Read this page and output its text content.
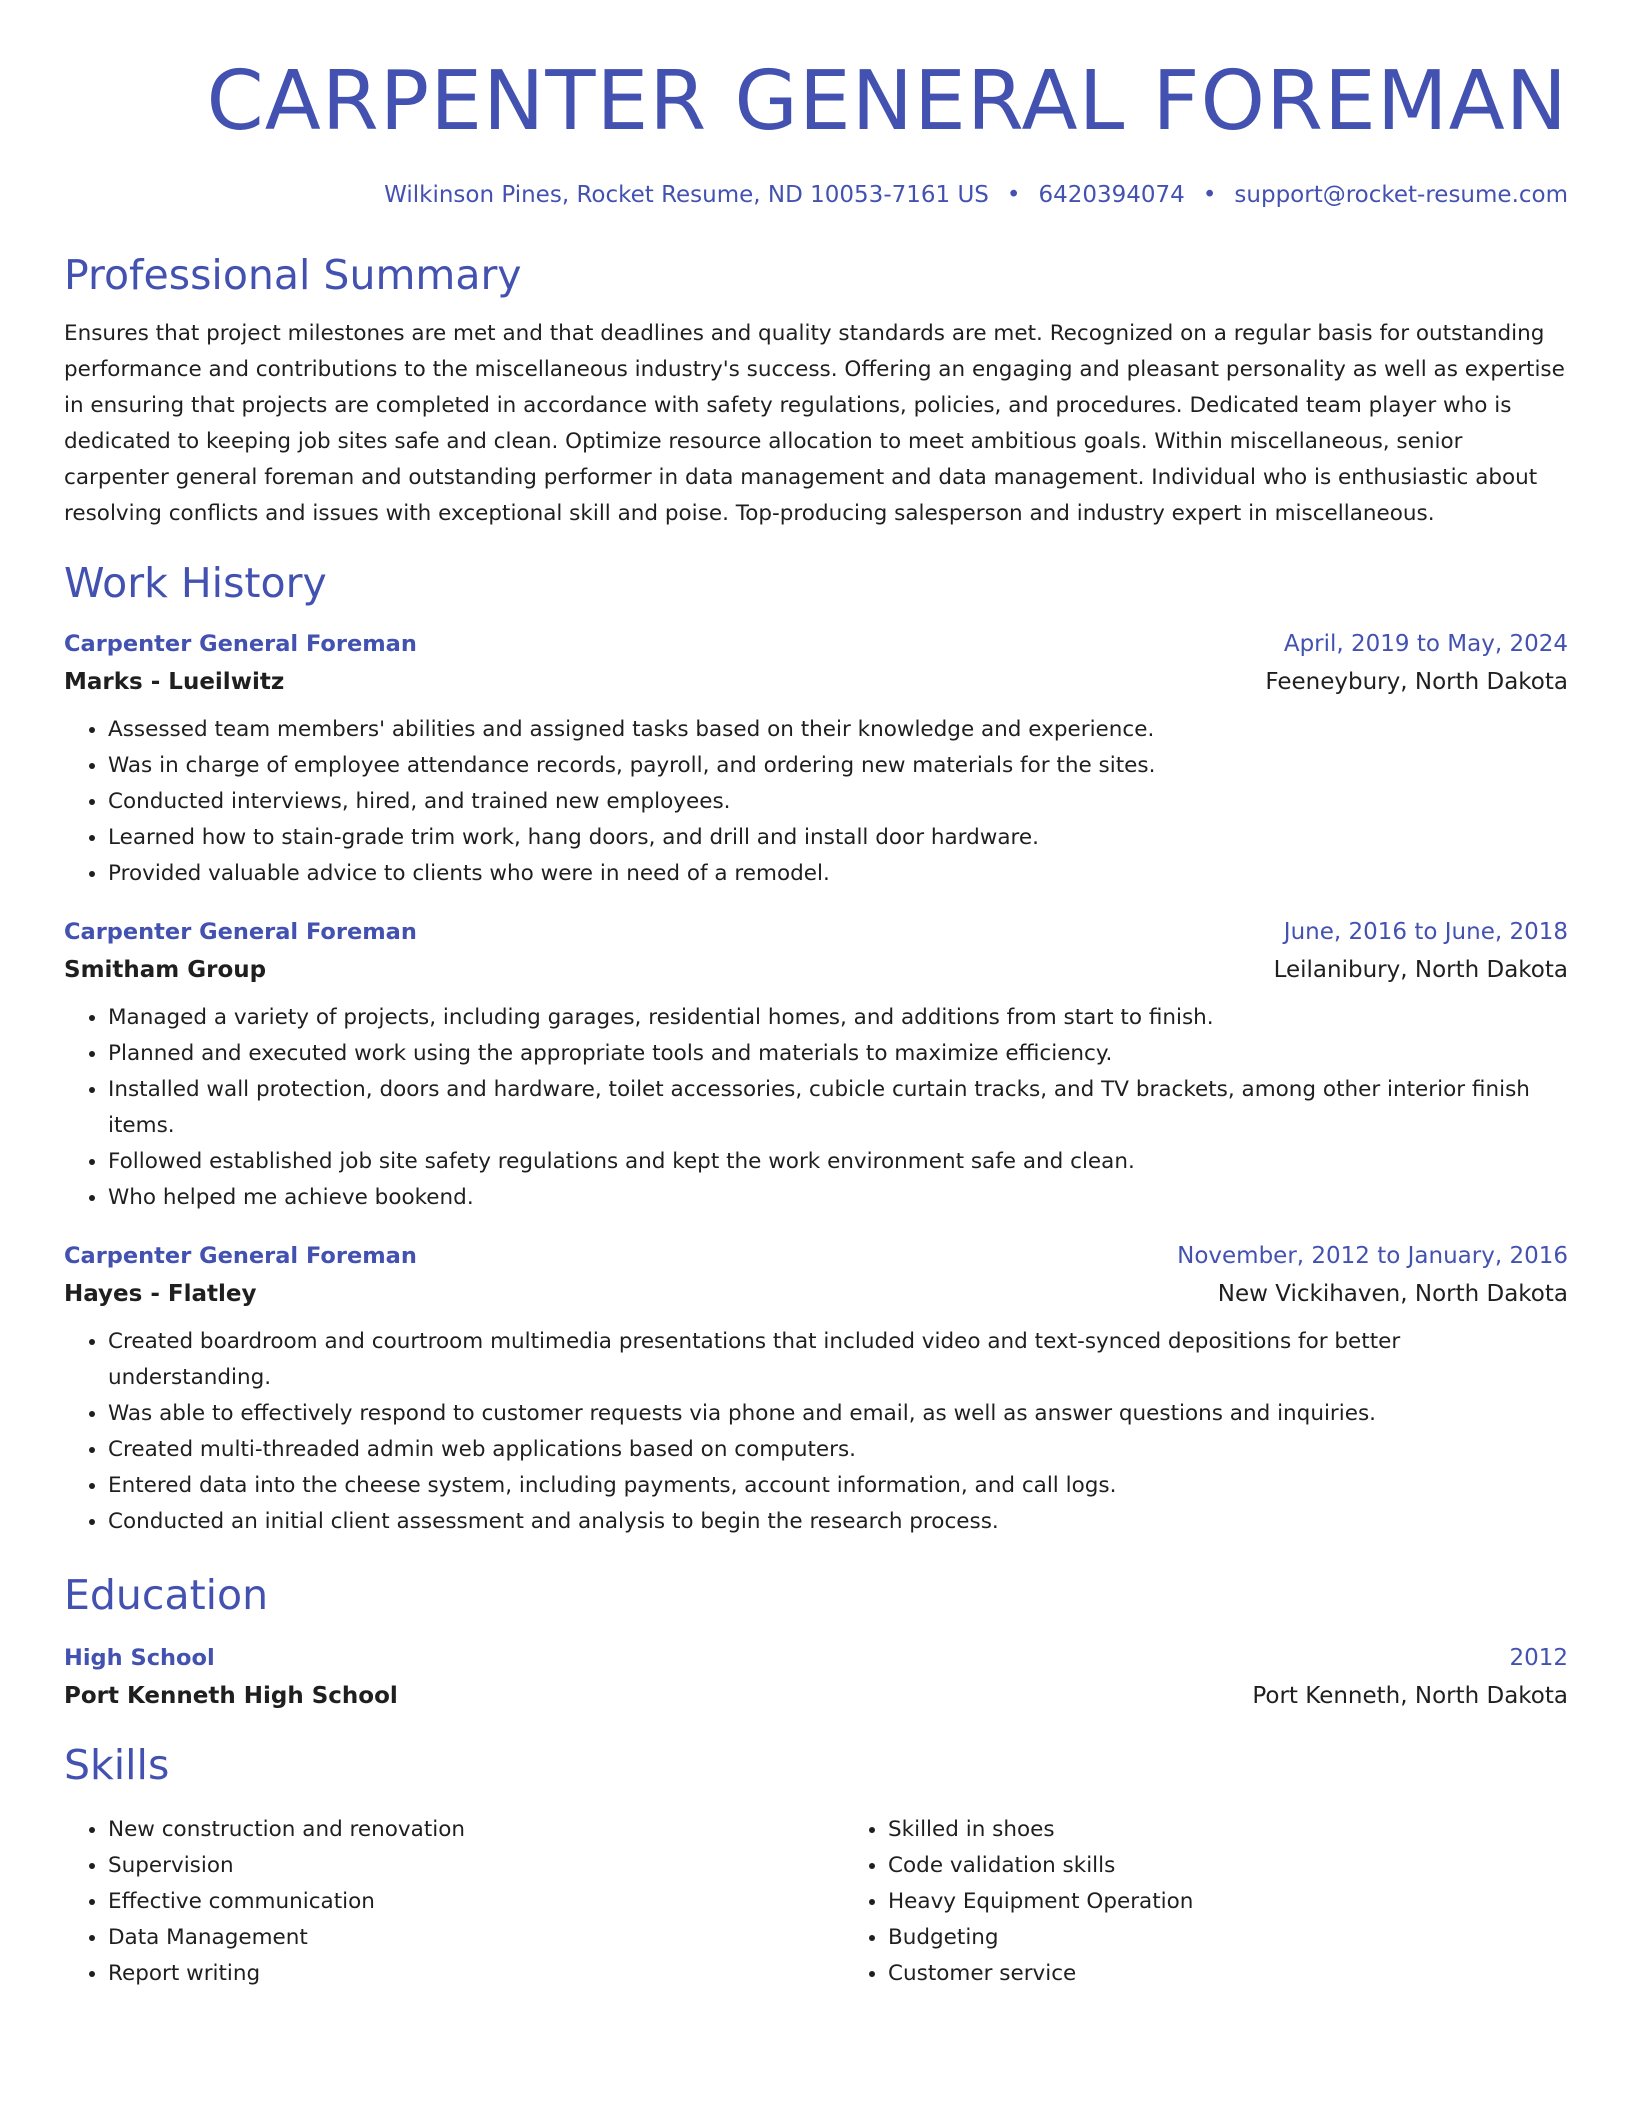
CARPENTER GENERAL FOREMAN
Wilkinson Pines, Rocket Resume, ND 10053-7161 US • 6420394074 • support@rocket-resume.com
Professional Summary
Ensures that project milestones are met and that deadlines and quality standards are met. Recognized on a regular basis for outstanding performance and contributions to the miscellaneous industry's success. Offering an engaging and pleasant personality as well as expertise in ensuring that projects are completed in accordance with safety regulations, policies, and procedures. Dedicated team player who is dedicated to keeping job sites safe and clean. Optimize resource allocation to meet ambitious goals. Within miscellaneous, senior carpenter general foreman and outstanding performer in data management and data management. Individual who is enthusiastic about resolving conflicts and issues with exceptional skill and poise. Top-producing salesperson and industry expert in miscellaneous.
Work History
Carpenter General Foreman	April, 2019 to May, 2024
Marks - Lueilwitz	Feeneybury, North Dakota
• Assessed team members' abilities and assigned tasks based on their knowledge and experience.
• Was in charge of employee attendance records, payroll, and ordering new materials for the sites.
• Conducted interviews, hired, and trained new employees.
• Learned how to stain-grade trim work, hang doors, and drill and install door hardware.
• Provided valuable advice to clients who were in need of a remodel.
Carpenter General Foreman	June, 2016 to June, 2018
Smitham Group	Leilanibury, North Dakota
• Managed a variety of projects, including garages, residential homes, and additions from start to finish.
• Planned and executed work using the appropriate tools and materials to maximize efficiency.
• Installed wall protection, doors and hardware, toilet accessories, cubicle curtain tracks, and TV brackets, among other interior finish items.
• Followed established job site safety regulations and kept the work environment safe and clean.
• Who helped me achieve bookend.
Carpenter General Foreman	November, 2012 to January, 2016
Hayes - Flatley	New Vickihaven, North Dakota
• Created boardroom and courtroom multimedia presentations that included video and text-synced depositions for better understanding.
• Was able to effectively respond to customer requests via phone and email, as well as answer questions and inquiries.
• Created multi-threaded admin web applications based on computers.
• Entered data into the cheese system, including payments, account information, and call logs.
• Conducted an initial client assessment and analysis to begin the research process.
Education
High School	2012
Port Kenneth High School	Port Kenneth, North Dakota
Skills
• New construction and renovation
• Supervision
• Effective communication
• Data Management
• Report writing
• Skilled in shoes
• Code validation skills
• Heavy Equipment Operation
• Budgeting
• Customer service
